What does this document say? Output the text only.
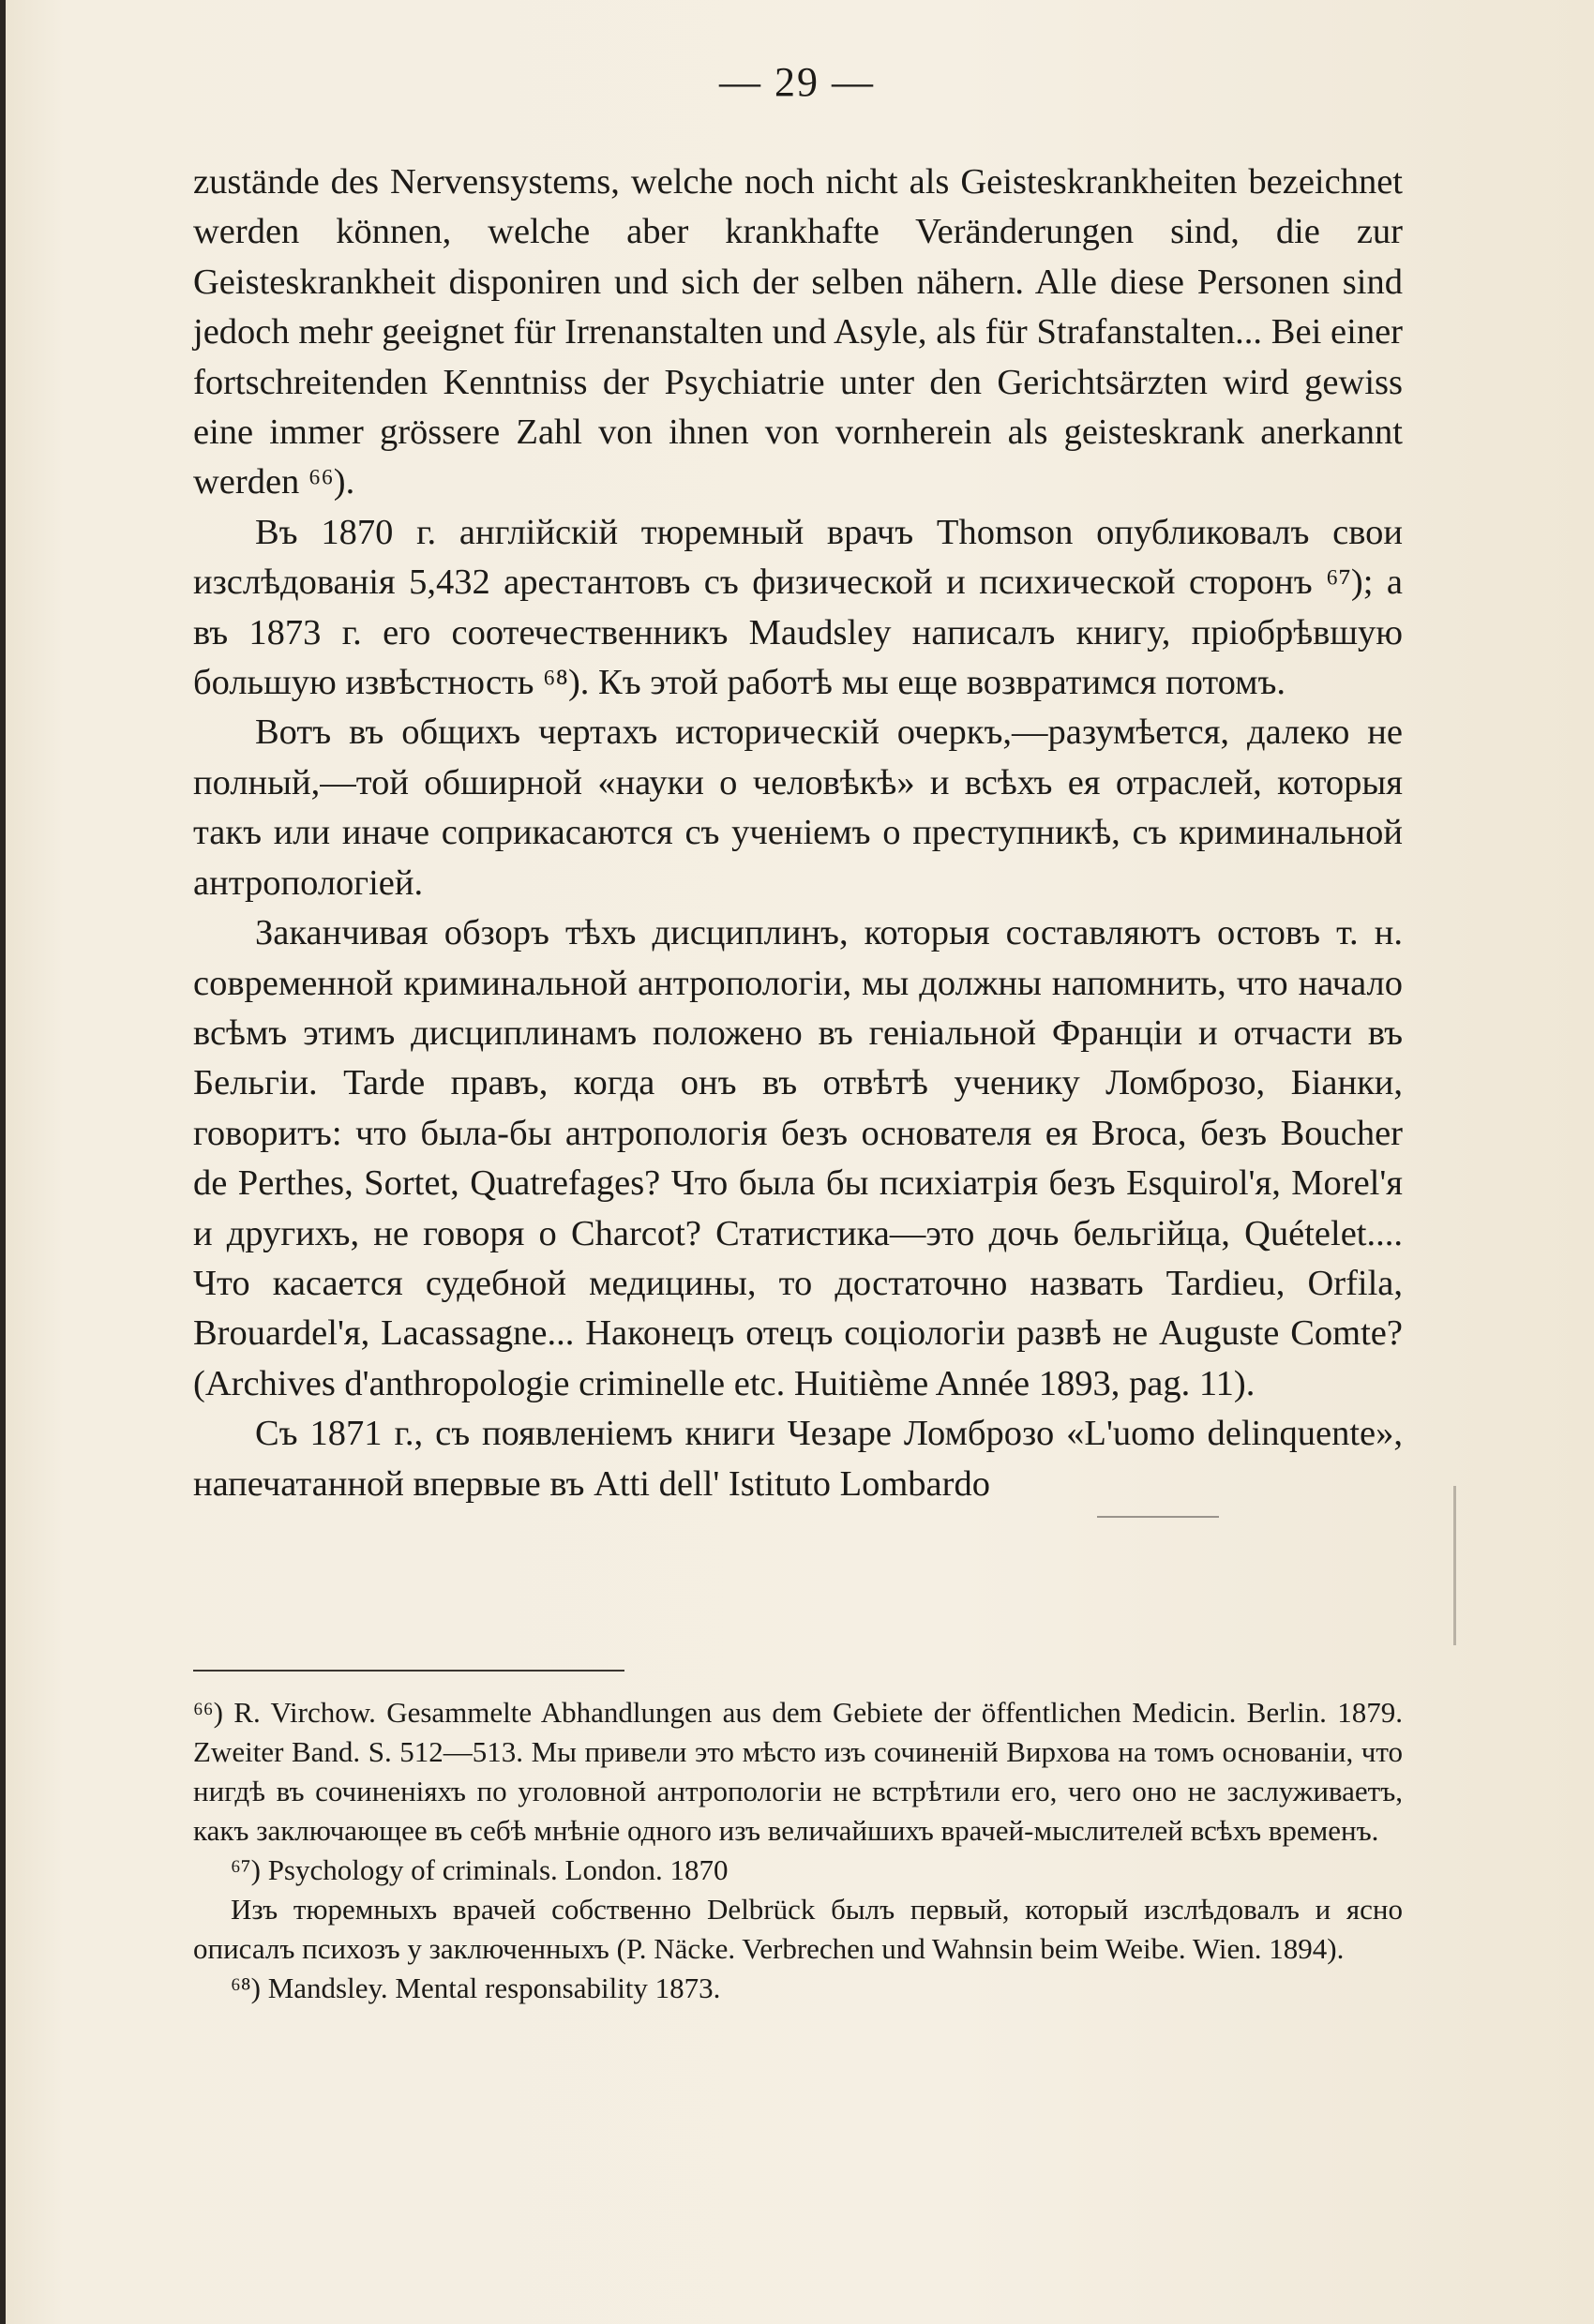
— 29 —

zustände des Nervensystems, welche noch nicht als Geisteskrankheiten bezeichnet werden können, welche aber krankhafte Veränderungen sind, die zur Geisteskrankheit disponiren und sich der selben nähern. Alle diese Personen sind jedoch mehr geeignet für Irrenanstalten und Asyle, als für Strafanstalten... Bei einer fortschreitenden Kenntniss der Psychiatrie unter den Gerichtsärzten wird gewiss eine immer grössere Zahl von ihnen von vornherein als geisteskrank anerkannt werden ⁶⁶).

Въ 1870 г. англійскій тюремный врачъ Thomson опубликовалъ свои изслѣдованія 5,432 арестантовъ съ физической и психической сторонъ ⁶⁷); а въ 1873 г. его соотечественникъ Maudsley написалъ книгу, пріобрѣвшую большую извѣстность ⁶⁸). Къ этой работѣ мы еще возвратимся потомъ.

Вотъ въ общихъ чертахъ историческій очеркъ,—разумѣется, далеко не полный,—той обширной «науки о человѣкѣ» и всѣхъ ея отраслей, которыя такъ или иначе соприкасаются съ ученіемъ о преступникѣ, съ криминальной антропологіей.

Заканчивая обзоръ тѣхъ дисциплинъ, которыя составляютъ остовъ т. н. современной криминальной антропологіи, мы должны напомнить, что начало всѣмъ этимъ дисциплинамъ положено въ геніальной Франціи и отчасти въ Бельгіи. Tarde правъ, когда онъ въ отвѣтѣ ученику Ломброзо, Біанки, говоритъ: что была-бы антропологія безъ основателя ея Broca, безъ Boucher de Perthes, Sortet, Quatrefages? Что была бы психіатрія безъ Esquirol'я, Morel'я и другихъ, не говоря о Charcot? Статистика—это дочь бельгійца, Quételet.... Что касается судебной медицины, то достаточно назвать Tardieu, Orfila, Brouardel'я, Lacassagne... Наконецъ отецъ соціологіи развѣ не Auguste Comte? (Archives d'anthropologie criminelle etc. Huitième Année 1893, pag. 11).

Съ 1871 г., съ появленіемъ книги Чезаре Ломброзо «L'uomo delinquente», напечатанной впервые въ Atti dell' Istituto Lombardo

⁶⁶) R. Virchow. Gesammelte Abhandlungen aus dem Gebiete der öffentlichen Medicin. Berlin. 1879. Zweiter Band. S. 512—513. Мы привели это мѣсто изъ сочиненій Вирхова на томъ основаніи, что нигдѣ въ сочиненіяхъ по уголовной антропологіи не встрѣтили его, чего оно не заслуживаетъ, какъ заключающее въ себѣ мнѣніе одного изъ величайшихъ врачей-мыслителей всѣхъ временъ.

⁶⁷) Psychology of criminals. London. 1870

Изъ тюремныхъ врачей собственно Delbrück былъ первый, который изслѣдовалъ и ясно описалъ психозъ у заключенныхъ (P. Näcke. Verbrechen und Wahnsin beim Weibe. Wien. 1894).

⁶⁸) Mandsley. Mental responsability 1873.
